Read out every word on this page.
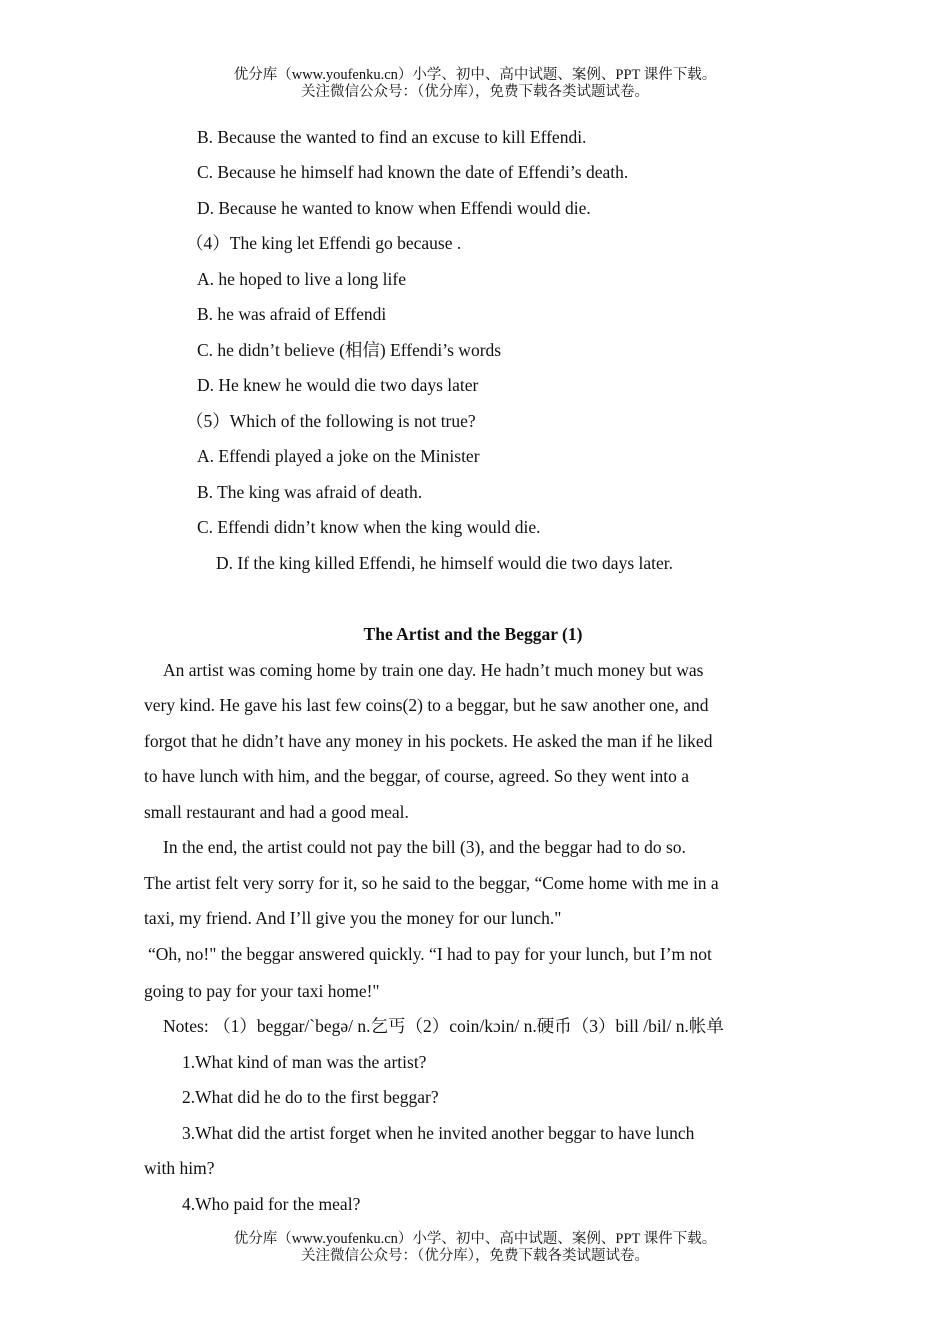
优分库（www.youfenku.cn）小学、初中、高中试题、案例、PPT 课件下载。
关注微信公众号：（优分库），免费下载各类试题试卷。
B. Because the wanted to find an excuse to kill Effendi.
C. Because he himself had known the date of Effendi’s death.
D. Because he wanted to know when Effendi would die.
（4）The king let Effendi go because .
A. he hoped to live a long life
B. he was afraid of Effendi
C. he didn’t believe (相信) Effendi’s words
D. He knew he would die two days later
（5）Which of the following is not true?
A. Effendi played a joke on the Minister
B. The king was afraid of death.
C. Effendi didn’t know when the king would die.
D. If the king killed Effendi, he himself would die two days later.
The Artist and the Beggar (1)
An artist was coming home by train one day. He hadn’t much money but was
very kind. He gave his last few coins(2) to a beggar, but he saw another one, and
forgot that he didn’t have any money in his pockets. He asked the man if he liked
to have lunch with him, and the beggar, of course, agreed. So they went into a
small restaurant and had a good meal.
In the end, the artist could not pay the bill (3), and the beggar had to do so.
The artist felt very sorry for it, so he said to the beggar, “Come home with me in a
taxi, my friend. And I’ll give you the money for our lunch."
“Oh, no!" the beggar answered quickly. “I had to pay for your lunch, but I’m not
going to pay for your taxi home!"
Notes: （1）beggar/`begə/ n.乞丐（2）coin/kɔin/ n.硬币（3）bill /bil/ n.帐单
1.What kind of man was the artist?
2.What did he do to the first beggar?
3.What did the artist forget when he invited another beggar to have lunch
with him?
4.Who paid for the meal?
优分库（www.youfenku.cn）小学、初中、高中试题、案例、PPT 课件下载。
关注微信公众号：（优分库），免费下载各类试题试卷。
